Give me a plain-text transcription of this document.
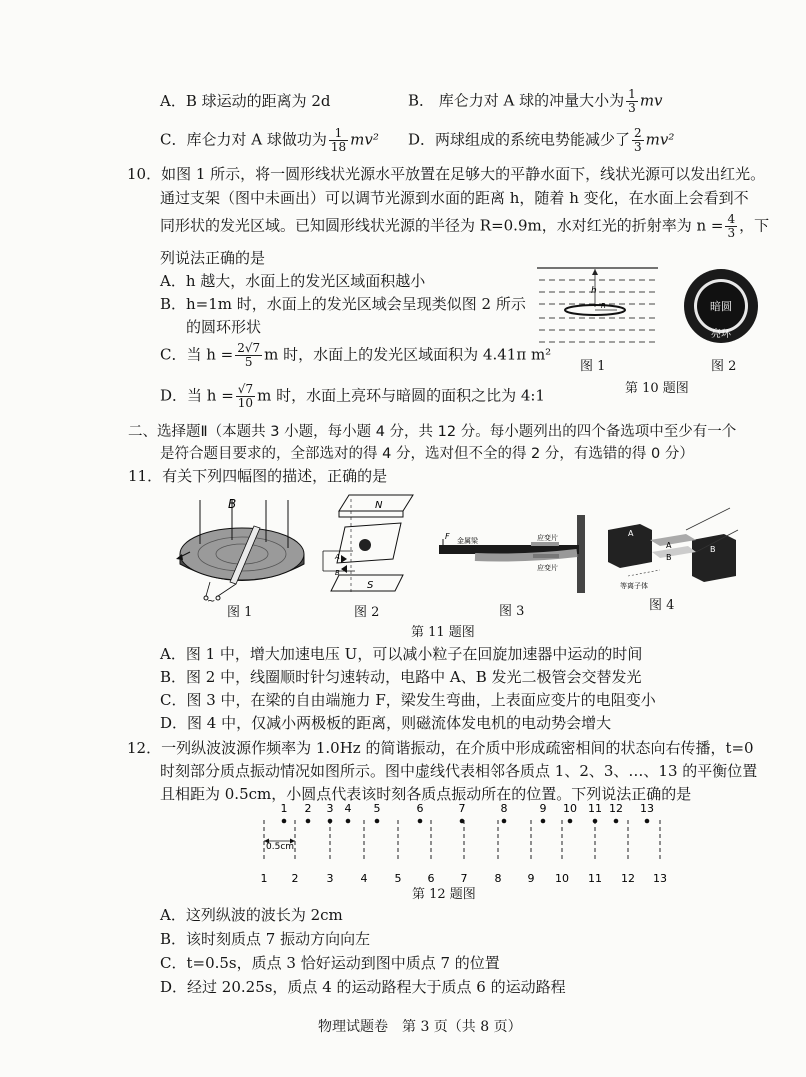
A．B 球运动的距离为 2d	B． 库仑力对 A 球的冲量大小为 $\frac{1}{3}$ mv
C．库仑力对 A 球做功为 $\frac{1}{18} mv^2$ D．两球组成的系统电势能减少了 $\frac{2}{3} mv^2$
10．如图 1 所示，将一圆形线状光源水平放置在足够大的平静水面下，线状光源可以发出红光。
通过支架（图中未画出）可以调节光源到水面的距离 h，随着 h 变化，在水面上会看到不
同形状的发光区域。已知圆形线状光源的半径为 R=0.9m，水对红光的折射率为 $n = \frac{4}{3}$ ，下
列说法正确的是
A．h 越大，水面上的发光区域面积越小
B．h=1m 时，水面上的发光区域会呈现类似图 2 所示
的圆环形状
C．当 $h = \frac{2√7}{5}$ m 时，水面上的发光区域面积为 4.41π m²
D．当 $h = \frac{√7}{10}$ m 时，水面上亮环与暗圆的面积之比为 4:1
h
R	暗圆
亮环
图 1	图 2
第 10 题图
二、选择题Ⅱ（本题共 3 小题，每小题 4 分，共 12 分。每小题列出的四个备选项中至少有一个
是符合题目要求的，全部选对的得 4 分，选对但不全的得 2 分，有选错的得 0 分）
11．有关下列四幅图的描述，正确的是
B
~
N
S
A
B
F 金属梁	应变片
应变片
A
A
B
B
等离子体
图 1	图 2	图 3	图 4
第 11 题图
A．图 1 中，增大加速电压 U，可以减小粒子在回旋加速器中运动的时间
B．图 2 中，线圈顺时针匀速转动，电路中 A、B 发光二极管会交替发光
C．图 3 中，在梁的自由端施力 F，梁发生弯曲，上表面应变片的电阻变小
D．图 4 中，仅减小两极板的距离，则磁流体发电机的电动势会增大
12．一列纵波波源作频率为 1.0Hz 的简谐振动，在介质中形成疏密相间的状态向右传播，t=0
时刻部分质点振动情况如图所示。图中虚线代表相邻各质点 1、2、3、…、13 的平衡位置
且相距为 0.5cm，小圆点代表该时刻各质点振动所在的位置。下列说法正确的是
1 2 3 4 5	6	7	8	9 10 11 12 13
1 2	3 4 5 6 7 8 9 10 11 12 13
0.5cm
第 12 题图
A．这列纵波的波长为 2cm
B．该时刻质点 7 振动方向向左
C．t=0.5s，质点 3 恰好运动到图中质点 7 的位置
D．经过 20.25s，质点 4 的运动路程大于质点 6 的运动路程
物理试题卷　第 3 页（共 8 页）
